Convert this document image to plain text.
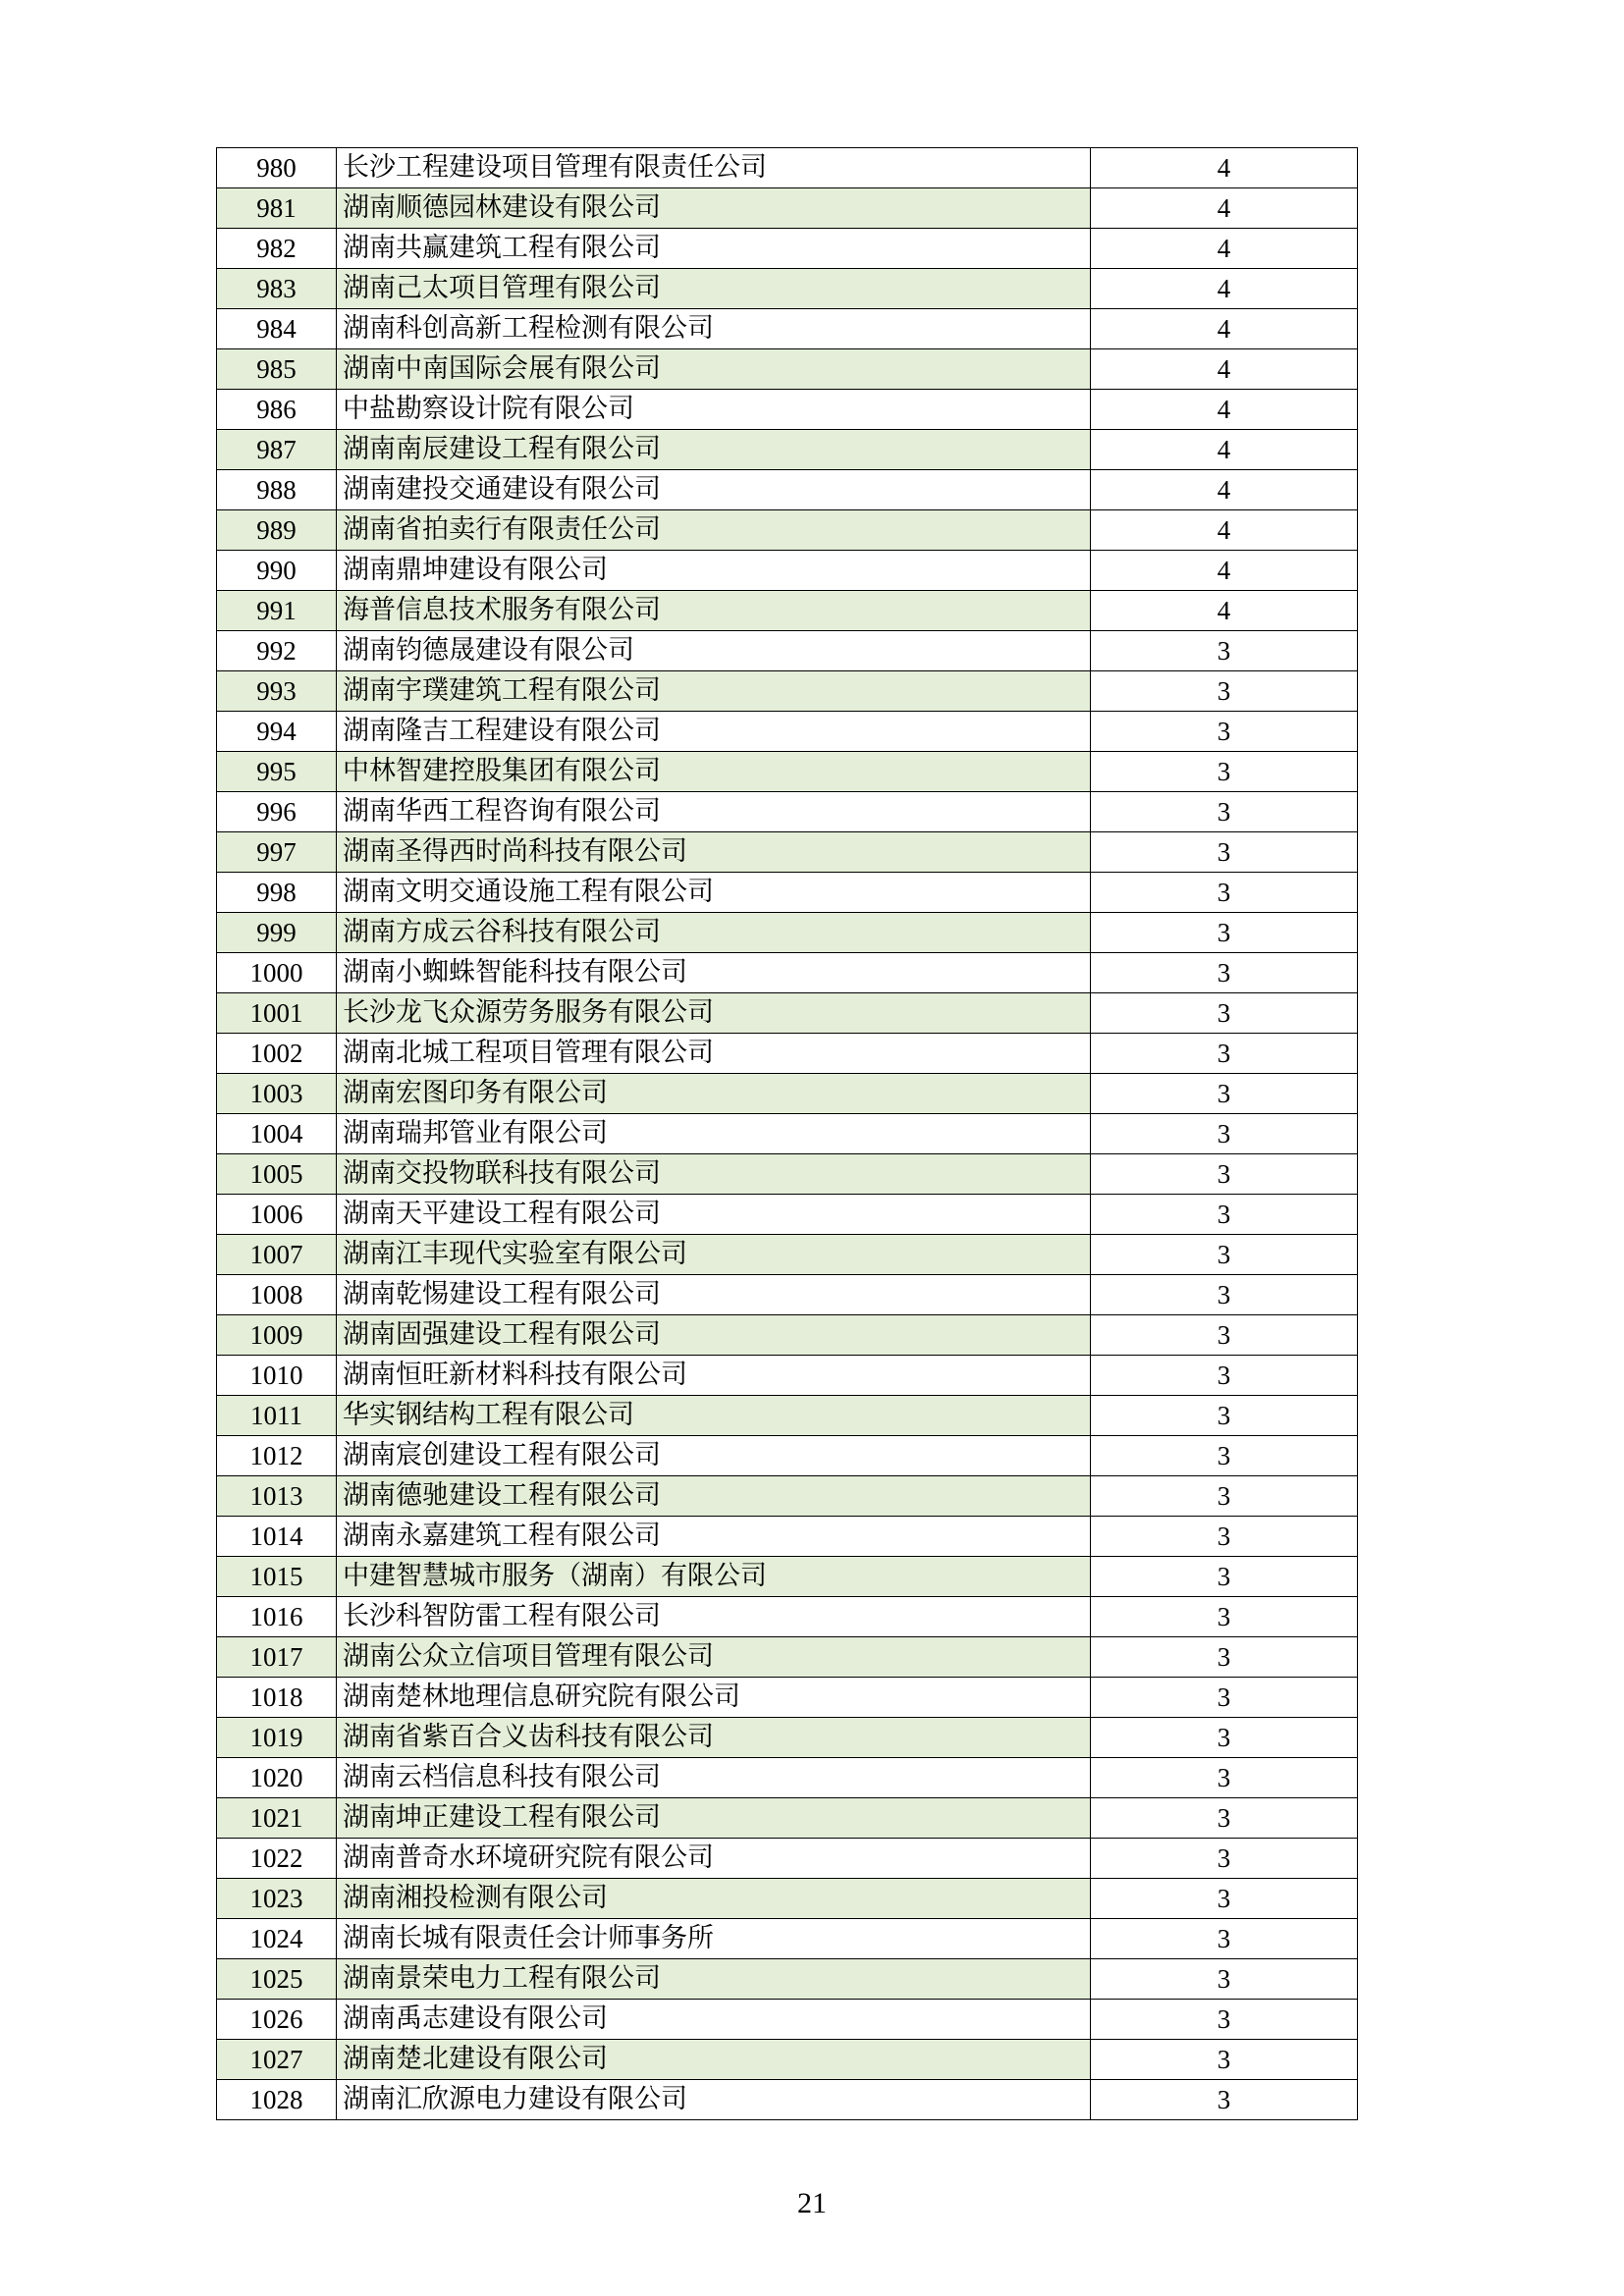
980	长沙工程建设项目管理有限责任公司	4
981	湖南顺德园林建设有限公司	4
982	湖南共赢建筑工程有限公司	4
983	湖南己太项目管理有限公司	4
984	湖南科创高新工程检测有限公司	4
985	湖南中南国际会展有限公司	4
986	中盐勘察设计院有限公司	4
987	湖南南辰建设工程有限公司	4
988	湖南建投交通建设有限公司	4
989	湖南省拍卖行有限责任公司	4
990	湖南鼎坤建设有限公司	4
991	海普信息技术服务有限公司	4
992	湖南钧德晟建设有限公司	3
993	湖南宇璞建筑工程有限公司	3
994	湖南隆吉工程建设有限公司	3
995	中林智建控股集团有限公司	3
996	湖南华西工程咨询有限公司	3
997	湖南圣得西时尚科技有限公司	3
998	湖南文明交通设施工程有限公司	3
999	湖南方成云谷科技有限公司	3
1000	湖南小蜘蛛智能科技有限公司	3
1001	长沙龙飞众源劳务服务有限公司	3
1002	湖南北城工程项目管理有限公司	3
1003	湖南宏图印务有限公司	3
1004	湖南瑞邦管业有限公司	3
1005	湖南交投物联科技有限公司	3
1006	湖南天平建设工程有限公司	3
1007	湖南江丰现代实验室有限公司	3
1008	湖南乾惕建设工程有限公司	3
1009	湖南固强建设工程有限公司	3
1010	湖南恒旺新材料科技有限公司	3
1011	华实钢结构工程有限公司	3
1012	湖南宸创建设工程有限公司	3
1013	湖南德驰建设工程有限公司	3
1014	湖南永嘉建筑工程有限公司	3
1015	中建智慧城市服务（湖南）有限公司	3
1016	长沙科智防雷工程有限公司	3
1017	湖南公众立信项目管理有限公司	3
1018	湖南楚林地理信息研究院有限公司	3
1019	湖南省紫百合义齿科技有限公司	3
1020	湖南云档信息科技有限公司	3
1021	湖南坤正建设工程有限公司	3
1022	湖南普奇水环境研究院有限公司	3
1023	湖南湘投检测有限公司	3
1024	湖南长城有限责任会计师事务所	3
1025	湖南景荣电力工程有限公司	3
1026	湖南禹志建设有限公司	3
1027	湖南楚北建设有限公司	3
1028	湖南汇欣源电力建设有限公司	3
21
